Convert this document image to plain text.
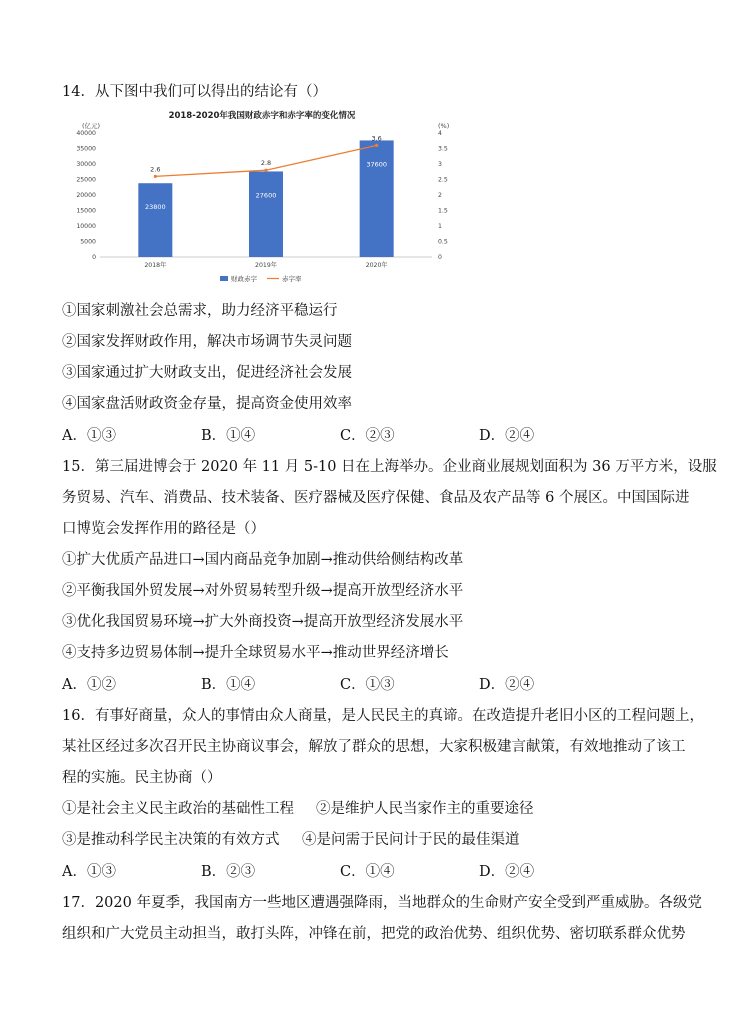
14．从下图中我们可以得出的结论有（）
2018-2020年我国财政赤字和赤字率的变化情况
(亿元)	(%)
40000
35000
30000
25000
20000
15000
10000
5000
0
4
3.5
3
2.5
2
1.5
1
0.5
0
23800
27600
37600
2.6
2.8
3.6
2018年	2019年	2020年
财政赤字	赤字率
①国家刺激社会总需求，助力经济平稳运行
②国家发挥财政作用，解决市场调节失灵问题
③国家通过扩大财政支出，促进经济社会发展
④国家盘活财政资金存量，提高资金使用效率
A．①③	B．①④	C．②③	D．②④
15．第三届进博会于 2020 年 11 月 5-10 日在上海举办。企业商业展规划面积为 36 万平方米，设服
务贸易、汽车、消费品、技术装备、医疗器械及医疗保健、食品及农产品等 6 个展区。中国国际进
口博览会发挥作用的路径是（）
①扩大优质产品进口→国内商品竞争加剧→推动供给侧结构改革
②平衡我国外贸发展→对外贸易转型升级→提高开放型经济水平
③优化我国贸易环境→扩大外商投资→提高开放型经济发展水平
④支持多边贸易体制→提升全球贸易水平→推动世界经济增长
A．①②	B．①④	C．①③	D．②④
16．有事好商量，众人的事情由众人商量，是人民民主的真谛。在改造提升老旧小区的工程问题上，
某社区经过多次召开民主协商议事会，解放了群众的思想，大家积极建言献策，有效地推动了该工
程的实施。民主协商（）
①是社会主义民主政治的基础性工程 ②是维护人民当家作主的重要途径
③是推动科学民主决策的有效方式 ④是问需于民问计于民的最佳渠道
A．①③	B．②③	C．①④	D．②④
17．2020 年夏季，我国南方一些地区遭遇强降雨，当地群众的生命财产安全受到严重威胁。各级党
组织和广大党员主动担当，敢打头阵，冲锋在前，把党的政治优势、组织优势、密切联系群众优势
